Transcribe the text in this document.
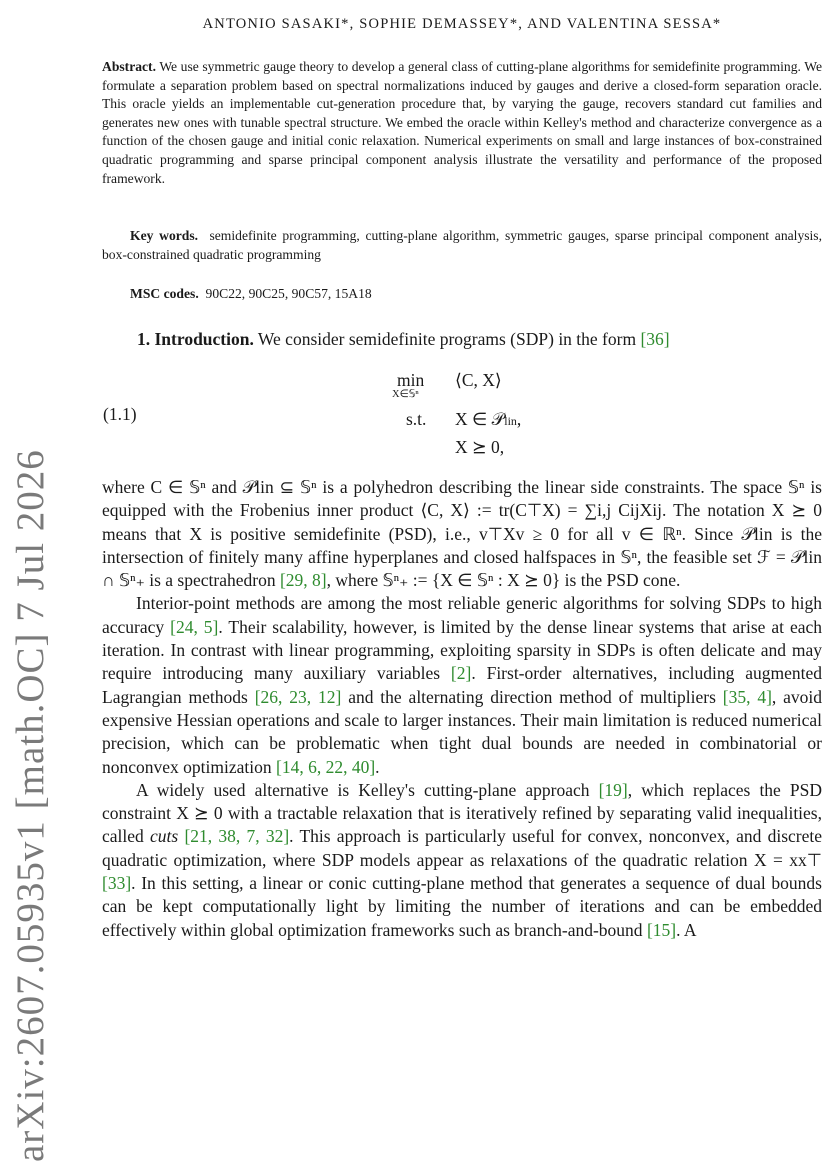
arXiv:2607.05935v1 [math.OC] 7 Jul 2026
ANTONIO SASAKI*, SOPHIE DEMASSEY*, AND VALENTINA SESSA*
Abstract. We use symmetric gauge theory to develop a general class of cutting-plane algorithms for semidefinite programming. We formulate a separation problem based on spectral normalizations induced by gauges and derive a closed-form separation oracle. This oracle yields an implementable cut-generation procedure that, by varying the gauge, recovers standard cut families and generates new ones with tunable spectral structure. We embed the oracle within Kelley's method and characterize convergence as a function of the chosen gauge and initial conic relaxation. Numerical experiments on small and large instances of box-constrained quadratic programming and sparse principal component analysis illustrate the versatility and performance of the proposed framework.
Key words. semidefinite programming, cutting-plane algorithm, symmetric gauges, sparse principal component analysis, box-constrained quadratic programming
MSC codes. 90C22, 90C25, 90C57, 15A18
1. Introduction. We consider semidefinite programs (SDP) in the form [36]
(1.1)
min
X∈𝕊ⁿ
⟨C, X⟩
s.t. X ∈ 𝒫lin,
X ⪰ 0,

where C ∈ 𝕊ⁿ and 𝒫lin ⊆ 𝕊ⁿ is a polyhedron describing the linear side constraints. The space 𝕊ⁿ is equipped with the Frobenius inner product ⟨C, X⟩ := tr(C⊤X) = ∑i,j CijXij. The notation X ⪰ 0 means that X is positive semidefinite (PSD), i.e., v⊤Xv ≥ 0 for all v ∈ ℝⁿ. Since 𝒫lin is the intersection of finitely many affine hyperplanes and closed halfspaces in 𝕊ⁿ, the feasible set ℱ = 𝒫lin ∩ 𝕊ⁿ₊ is a spectrahedron [29, 8], where 𝕊ⁿ₊ := {X ∈ 𝕊ⁿ : X ⪰ 0} is the PSD cone.

Interior-point methods are among the most reliable generic algorithms for solving SDPs to high accuracy [24, 5]. Their scalability, however, is limited by the dense linear systems that arise at each iteration. In contrast with linear programming, exploiting sparsity in SDPs is often delicate and may require introducing many auxiliary variables [2]. First-order alternatives, including augmented Lagrangian methods [26, 23, 12] and the alternating direction method of multipliers [35, 4], avoid expensive Hessian operations and scale to larger instances. Their main limitation is reduced numerical precision, which can be problematic when tight dual bounds are needed in combinatorial or nonconvex optimization [14, 6, 22, 40].

A widely used alternative is Kelley's cutting-plane approach [19], which replaces the PSD constraint X ⪰ 0 with a tractable relaxation that is iteratively refined by separating valid inequalities, called cuts [21, 38, 7, 32]. This approach is particularly useful for convex, nonconvex, and discrete quadratic optimization, where SDP models appear as relaxations of the quadratic relation X = xx⊤ [33]. In this setting, a linear or conic cutting-plane method that generates a sequence of dual bounds can be kept computationally light by limiting the number of iterations and can be embedded effectively within global optimization frameworks such as branch-and-bound [15]. A
